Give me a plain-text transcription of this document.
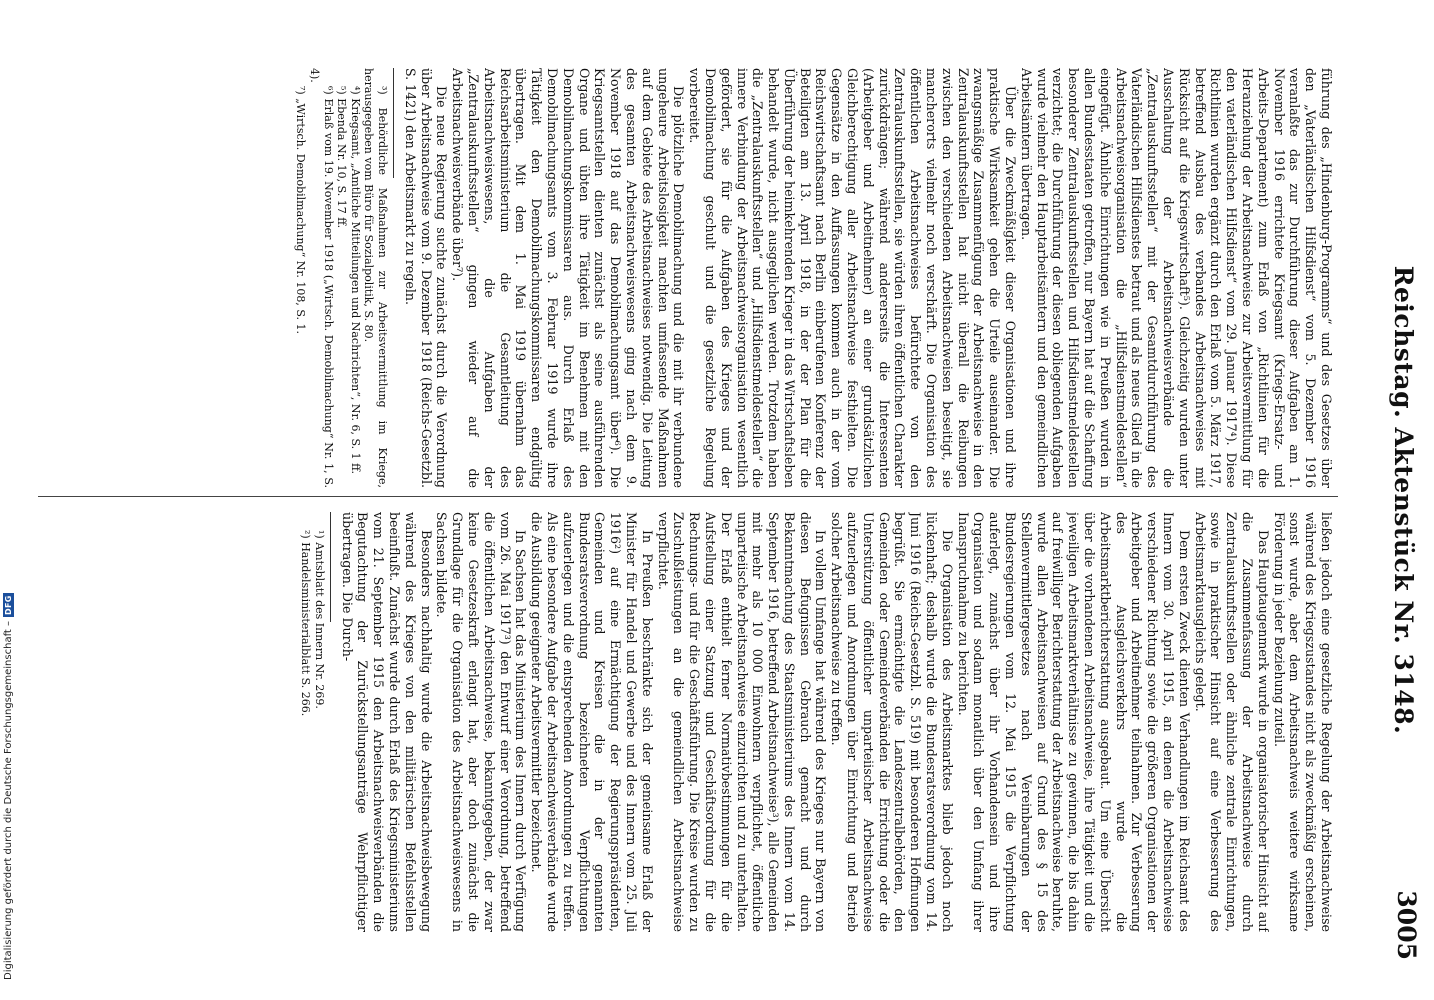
Reichstag. Aktenstück Nr. 3148.
3005

führung des „Hindenburg-Programms“ und des Gesetzes über den „Vaterländischen Hilfsdienst“ vom 5. Dezember 1916 veranlaßte das zur Durchführung dieser Aufgaben am 1. November 1916 errichtete Kriegsamt (Kriegs-Ersatz- und Arbeits-Departement) zum Erlaß von „Richtlinien für die Heranziehung der Arbeitsnachweise zur Arbeitsvermittlung für den vaterländischen Hilfsdienst“ vom 29. Januar 1917⁴). Diese Richtlinien wurden ergänzt durch den Erlaß vom 5. März 1917, betreffend Ausbau des verbandes Arbeitsnachweises mit Rücksicht auf die Kriegswirtschaft⁵). Gleichzeitig wurden unter Ausschaltung der Arbeitsnachweisverbände die „Zentralauskunftsstellen“ mit der Gesamtdurchführung des Vaterländischen Hilfsdienstes betraut und als neues Glied in die Arbeitsnachweisorganisation die „Hilfsdienstmeldestellen“ eingefügt. Ähnliche Einrichtungen wie in Preußen wurden in allen Bundesstaaten getroffen, nur Bayern hat auf die Schaffung besonderer Zentralauskunftsstellen und Hilfsdienstmeldestellen verzichtet; die Durchführung der diesen obliegenden Aufgaben wurde vielmehr den Hauptarbeitsämtern und den gemeindlichen Arbeitsämtern übertragen.

Über die Zweckmäßigkeit dieser Organisationen und ihre praktische Wirksamkeit gehen die Urteile auseinander. Die zwangsmäßige Zusammenfügung der Arbeitsnachweise in den Zentralauskunftsstellen hat nicht überall die Reibungen zwischen den verschiedenen Arbeitsnachweisen beseitigt, sie mancherorts vielmehr noch verschärft. Die Organisation des öffentlichen Arbeitsnachweises befürchtete von den Zentralauskunftsstellen, sie würden ihren öffentlichen Charakter zurückdrängen; während andererseits die Interessenten (Arbeitgeber und Arbeitnehmer) an einer grundsätzlichen Gleichberechtigung aller Arbeitsnachweise festhielten. Die Gegensätze in den Auffassungen kommen auch in der vom Reichswirtschaftsamt nach Berlin einberufenen Konferenz der Beteiligten am 13. April 1918, in der der Plan für die Überführung der heimkehrenden Krieger in das Wirtschaftsleben behandelt wurde, nicht ausgeglichen werden. Trotzdem haben die „Zentralauskunftsstellen“ und „Hilfsdienstmeldestellen“ die innere Verbindung der Arbeitsnachweisorganisation wesentlich gefördert, sie für die Aufgaben des Krieges und der Demobilmachung geschult und die gesetzliche Regelung vorbereitet.

Die plötzliche Demobilmachung und die mit ihr verbundene ungeheure Arbeitslosigkeit machten umfassende Maßnahmen auf dem Gebiete des Arbeitsnachweises notwendig. Die Leitung des gesamten Arbeitsnachweiswesens ging nach dem 9. November 1918 auf das Demobilmachungsamt über⁶). Die Kriegsamtstellen dienten zunächst als seine ausführenden Organe und übten ihre Tätigkeit im Benehmen mit den Demobilmachungskommissaren aus. Durch Erlaß des Demobilmachungsamts vom 3. Februar 1919 wurde ihre Tätigkeit den Demobilmachungskommissaren endgültig übertragen. Mit dem 1. Mai 1919 übernahm das Reichsarbeitsministerium die Gesamtleitung des Arbeitsnachweiswesens, die Aufgaben der „Zentralauskunftsstellen“ gingen wieder auf die Arbeitsnachweisverbände über⁷).

Die neue Regierung suchte zunächst durch die Verordnung über Arbeitsnachweise vom 9. Dezember 1918 (Reichs-Gesetzbl. S. 1421) den Arbeitsmarkt zu regeln.

³) Behördliche Maßnahmen zur Arbeitsvermittlung im Kriege, herausgegeben vom Büro für Sozialpolitik, S. 80.

⁴) Kriegsamt, „Amtliche Mitteilungen und Nachrichten“, Nr. 6, S. 1 ff.

⁵) Ebenda Nr. 10, S. 17 ff.

⁶) Erlaß vom 19. November 1918 („Wirtsch. Demobilmachung“ Nr. 1, S. 4).

⁷) „Wirtsch. Demobilmachung“ Nr. 108, S. 1.

ließen jedoch eine gesetzliche Regelung der Arbeitsnachweise während des Kriegszustandes nicht als zweckmäßig erscheinen, sonst wurde, aber dem Arbeitsnachweis weitere wirksame Förderung in jeder Beziehung zuteil.

Das Hauptaugenmerk wurde in organisatorischer Hinsicht auf die Zusammenfassung der Arbeitsnachweise durch Zentralauskunftsstellen oder ähnliche zentrale Einrichtungen, sowie in praktischer Hinsicht auf eine Verbesserung des Arbeitsmarktausgleichs gelegt.

Dem ersten Zweck dienten Verhandlungen im Reichsamt des Innern vom 30. April 1915, an denen die Arbeitsnachweise verschiedener Richtung sowie die größeren Organisationen der Arbeitgeber und Arbeitnehmer teilnahmen. Zur Verbesserung des Ausgleichsverkehrs wurde die Arbeitsmarktberichterstattung ausgebaut. Um eine Übersicht über die vorhandenen Arbeitsnachweise, ihre Tätigkeit und die jeweiligen Arbeitsmarktverhältnisse zu gewinnen, die bis dahin auf freiwilliger Berichterstattung der Arbeitsnachweise beruhte, wurde allen Arbeitsnachweisen auf Grund des § 15 des Stellenvermittlergesetzes nach Vereinbarungen der Bundesregierungen vom 12. Mai 1915 die Verpflichtung auferlegt, zunächst über ihr Vorhandensein und ihre Organisation und sodann monatlich über den Umfang ihrer Inanspruchnahme zu berichten.

Die Organisation des Arbeitsmarktes blieb jedoch noch lückenhaft; deshalb wurde die Bundesratsverordnung vom 14. Juni 1916 (Reichs-Gesetzbl. S. 519) mit besonderen Hoffnungen begrüßt. Sie ermächtigte die Landeszentralbehörden, den Gemeinden oder Gemeindeverbänden die Errichtung oder die Unterstützung öffentlicher unparteiischer Arbeitsnachweise aufzuerlegen und Anordnungen über Einrichtung und Betrieb solcher Arbeitsnachweise zu treffen.

In vollem Umfange hat während des Krieges nur Bayern von diesen Befugnissen Gebrauch gemacht und durch Bekanntmachung des Staatsministeriums des Innern vom 14. September 1916, betreffend Arbeitsnachweise³), alle Gemeinden mit mehr als 10 000 Einwohnern verpflichtet, öffentliche unparteiische Arbeitsnachweise einzurichten und zu unterhalten. Der Erlaß enthielt ferner Normativbestimmungen für die Aufstellung einer Satzung und Geschäftsordnung für die Rechnungs- und für die Geschäftsführung. Die Kreise wurden zu Zuschußleistungen an die gemeindlichen Arbeitsnachweise verpflichtet.

In Preußen beschränkte sich der gemeinsame Erlaß der Minister für Handel und Gewerbe und des Innern vom 25. Juli 1916²) auf eine Ermächtigung der Regierungspräsidenten, Gemeinden und Kreisen die in der genannten Bundesratsverordnung bezeichneten Verpflichtungen aufzuerlegen und die entsprechenden Anordnungen zu treffen. Als eine besondere Aufgabe der Arbeitsnachweisverbände wurde die Ausbildung geeigneter Arbeitsvermittler bezeichnet.

In Sachsen hat das Ministerium des Innern durch Verfügung vom 26. Mai 1917³) den Entwurf einer Verordnung, betreffend die öffentlichen Arbeitsnachweise, bekanntgegeben, der zwar keine Gesetzeskraft erlangt hat, aber doch zunächst die Grundlage für die Organisation des Arbeitsnachweiswesens in Sachsen bildete.

Besonders nachhaltig wurde die Arbeitsnachweisbewegung während des Krieges von den militärischen Befehlsstellen beeinflußt. Zunächst wurde durch Erlaß des Kriegsministeriums vom 21. September 1915 den Arbeitsnachweisverbänden die Begutachtung der Zurückstellungsanträge Wehrpflichtiger übertragen. Die Durch-

¹) Amtsblatt des Innern Nr. 269.

²) Handelsministerialblatt S. 266.

Digitalisierung gefördert durch die Deutsche Forschungsgemeinschaft –
DFG
